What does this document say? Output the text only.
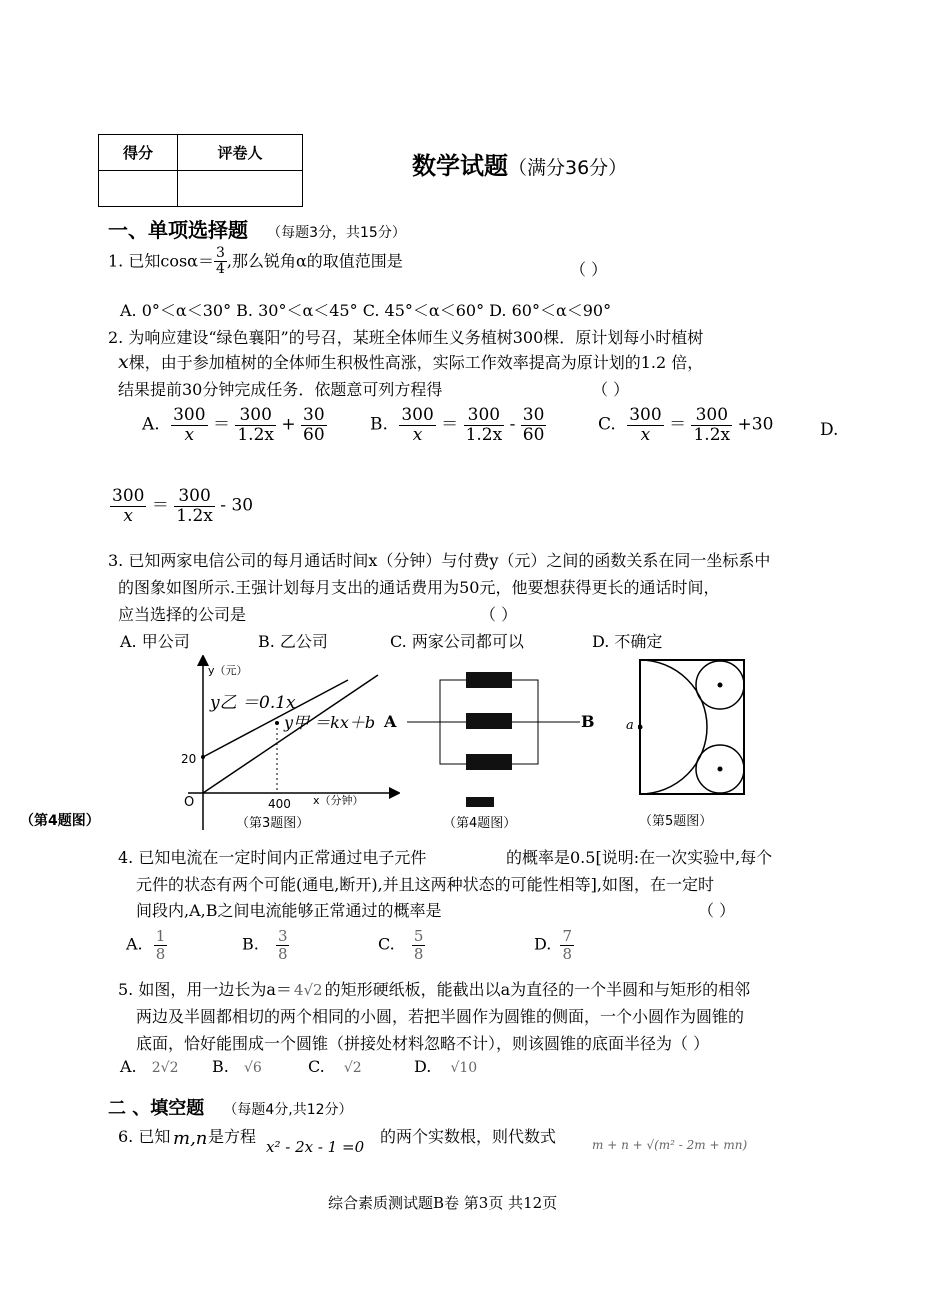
得分	评卷人
		数学试题（满分36分）
一、单项选择题 （每题3分，共15分）
1. 已知$\cos\alpha= \frac{3}{4}$ ,那么锐角α的取值范围是	（ ）
A. 0°＜α＜30° B. 30°＜α＜45° C. 45°＜α＜60° D. 60°＜α＜90°
2. 为响应建设“绿色襄阳”的号召，某班全体师生义务植树300棵．原计划每小时植树
x棵，由于参加植树的全体师生积极性高涨，实际工作效率提高为原计划的1.2 倍，
结果提前30分钟完成任务．依题意可列方程得	（ ）
A. $\frac{300}{x} = \frac{300}{1.2x} + \frac{30}{60}$	B. $\frac{300}{x} = \frac{300}{1.2x} - \frac{30}{60}$	C. $\frac{300}{x} = \frac{300}{1.2x} +30$	D.
$\frac{300}{x} = \frac{300}{1.2x} - 30$
3. 已知两家电信公司的每月通话时间x（分钟）与付费y（元）之间的函数关系在同一坐标系中
的图象如图所示.王强计划每月支出的通话费用为50元，他要想获得更长的通话时间，
应当选择的公司是	（ ）
A. 甲公司	B. 乙公司	C. 两家公司都可以	D. 不确定
y（元）
x（分钟）
O
20
400
y乙 ＝0.1x
y甲 ＝kx＋b
（第3题图）
（第4题图）
A	B
（第4题图）
a
（第5题图）
4. 已知电流在一定时间内正常通过电子元件	的概率是0.5[说明:在一次实验中,每个
元件的状态有两个可能(通电,断开),并且这两种状态的可能性相等],如图，在一定时
间段内,A,B之间电流能够正常通过的概率是	（ ）
A. $\frac{1}{8}$	B. $\frac{3}{8}$	C. $\frac{5}{8}$	D. $\frac{7}{8}$
5. 如图，用一边长为a＝ 4√2 的矩形硬纸板，能截出以a为直径的一个半圆和与矩形的相邻
两边及半圆都相切的两个相同的小圆，若把半圆作为圆锥的侧面，一个小圆作为圆锥的
底面，恰好能围成一个圆锥（拼接处材料忽略不计），则该圆锥的底面半径为（ ）
A. 2√2 B. √6	C. √2	D. √10
二 、填空题 （每题4分,共12分）
6. 已知 m,n 是方程
x² - 2x - 1 =0
的两个实数根，则代数式	m + n + √(m² - 2m + mn)
综合素质测试题B卷 第3页 共12页
